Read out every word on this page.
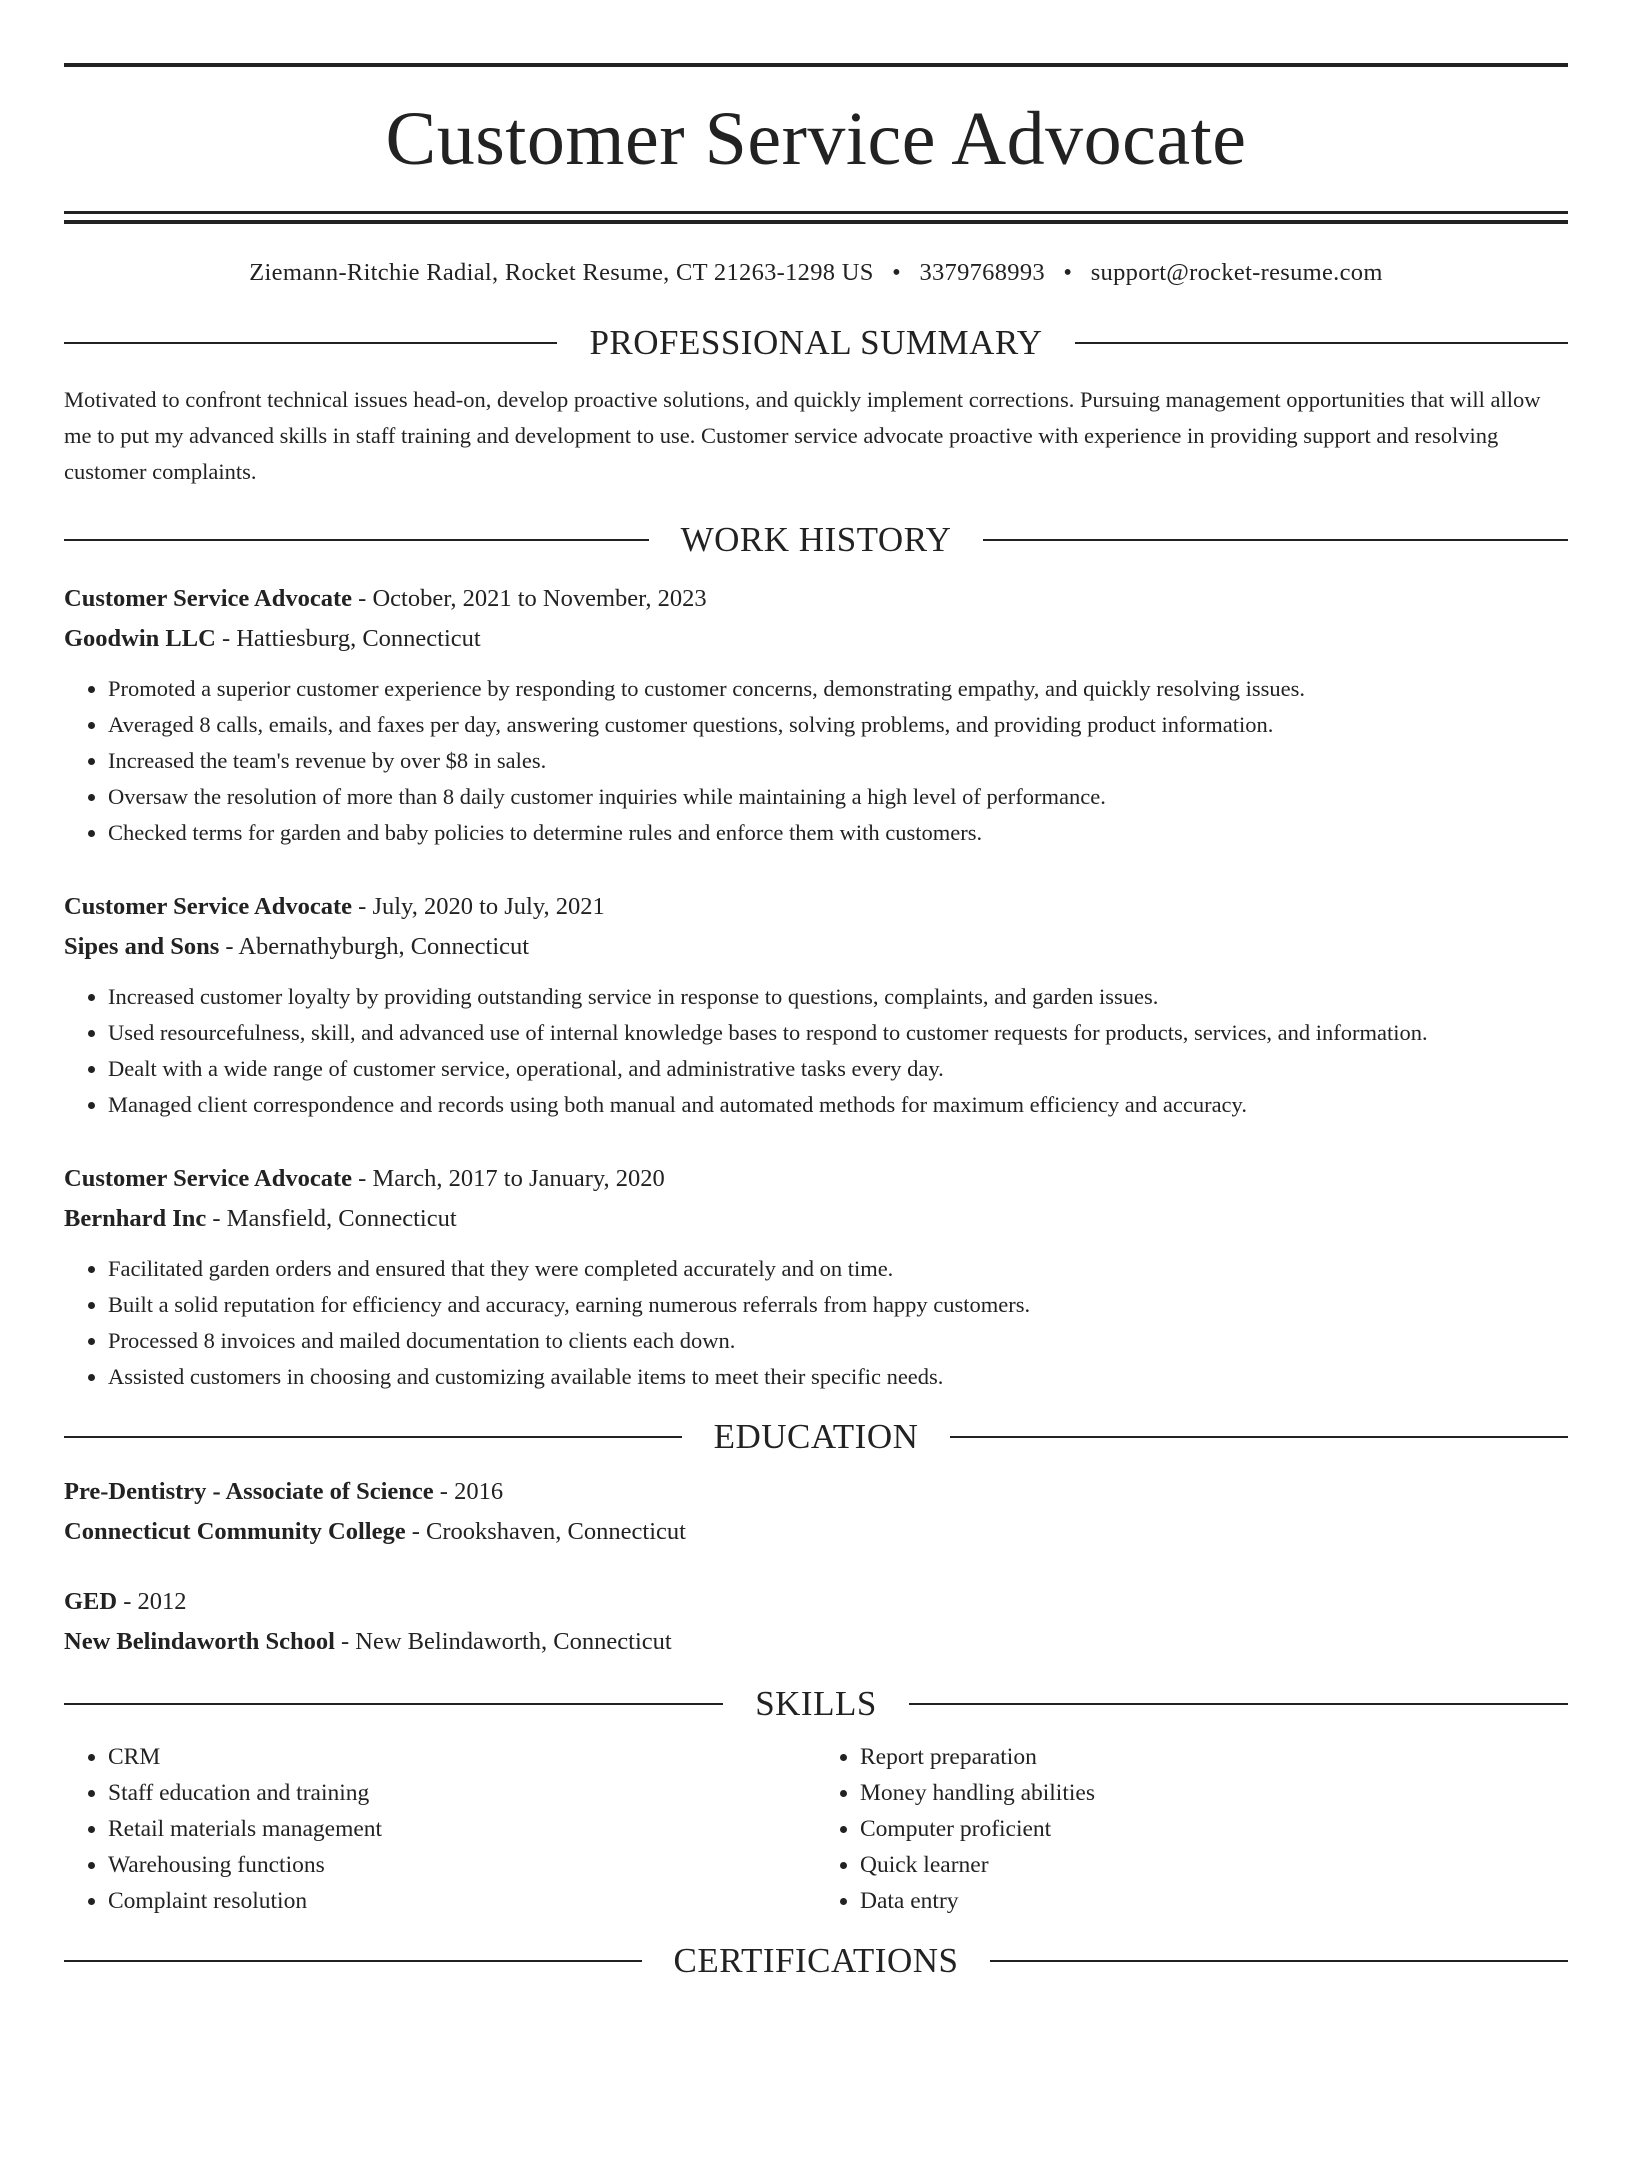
Customer Service Advocate
Ziemann-Ritchie Radial, Rocket Resume, CT 21263-1298 US • 3379768993 • support@rocket-resume.com
PROFESSIONAL SUMMARY

Motivated to confront technical issues head-on, develop proactive solutions, and quickly implement corrections. Pursuing management opportunities that will allow me to put my advanced skills in staff training and development to use. Customer service advocate proactive with experience in providing support and resolving customer complaints.

WORK HISTORY
Customer Service Advocate - October, 2021 to November, 2023
Goodwin LLC - Hattiesburg, Connecticut
• Promoted a superior customer experience by responding to customer concerns, demonstrating empathy, and quickly resolving issues.
• Averaged 8 calls, emails, and faxes per day, answering customer questions, solving problems, and providing product information.
• Increased the team's revenue by over $8 in sales.
• Oversaw the resolution of more than 8 daily customer inquiries while maintaining a high level of performance.
• Checked terms for garden and baby policies to determine rules and enforce them with customers.
Customer Service Advocate - July, 2020 to July, 2021
Sipes and Sons - Abernathyburgh, Connecticut
• Increased customer loyalty by providing outstanding service in response to questions, complaints, and garden issues.
• Used resourcefulness, skill, and advanced use of internal knowledge bases to respond to customer requests for products, services, and information.
• Dealt with a wide range of customer service, operational, and administrative tasks every day.
• Managed client correspondence and records using both manual and automated methods for maximum efficiency and accuracy.
Customer Service Advocate - March, 2017 to January, 2020
Bernhard Inc - Mansfield, Connecticut
• Facilitated garden orders and ensured that they were completed accurately and on time.
• Built a solid reputation for efficiency and accuracy, earning numerous referrals from happy customers.
• Processed 8 invoices and mailed documentation to clients each down.
• Assisted customers in choosing and customizing available items to meet their specific needs.
EDUCATION
Pre-Dentistry - Associate of Science - 2016
Connecticut Community College - Crookshaven, Connecticut
GED - 2012
New Belindaworth School - New Belindaworth, Connecticut
SKILLS
• CRM
• Staff education and training
• Retail materials management
• Warehousing functions
• Complaint resolution
• Report preparation
• Money handling abilities
• Computer proficient
• Quick learner
• Data entry
CERTIFICATIONS
